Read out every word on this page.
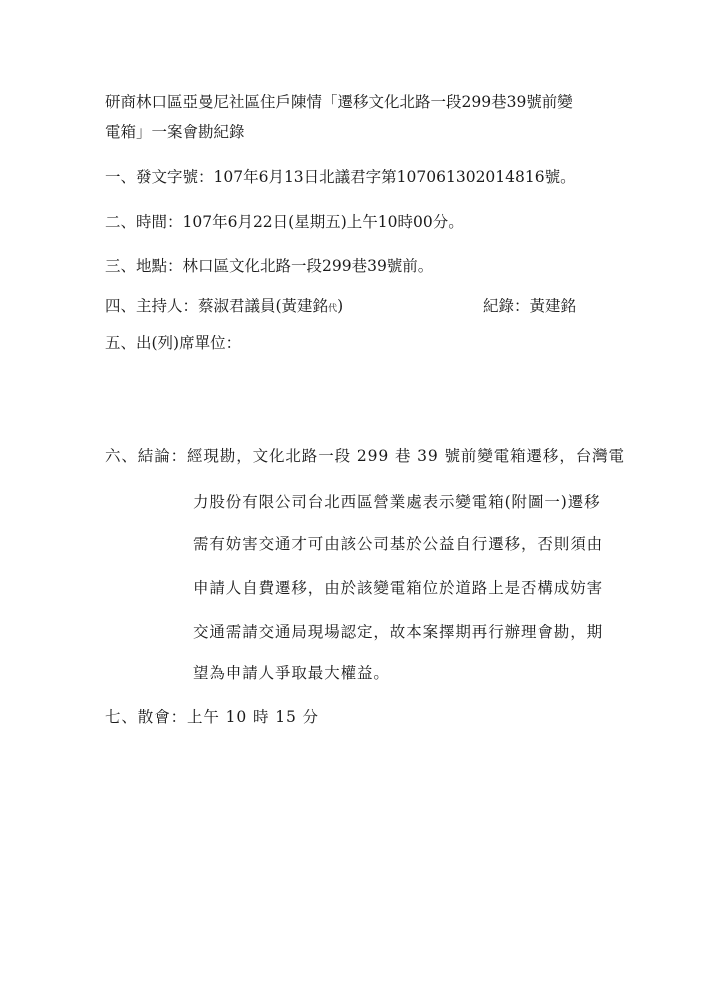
研商林口區亞曼尼社區住戶陳情「遷移文化北路一段299巷39號前變

電箱」一案會勘紀錄

一、發文字號：107年6月13日北議君字第107061302014816號。

二、時間：107年6月22日(星期五)上午10時00分。

三、地點：林口區文化北路一段299巷39號前。

四、主持人：蔡淑君議員(黃建銘代)	紀錄：黃建銘

五、出(列)席單位：

六、結論：經現勘，文化北路一段 299 巷 39 號前變電箱遷移，台灣電

力股份有限公司台北西區營業處表示變電箱(附圖一)遷移

需有妨害交通才可由該公司基於公益自行遷移，否則須由

申請人自費遷移，由於該變電箱位於道路上是否構成妨害

交通需請交通局現場認定，故本案擇期再行辦理會勘，期

望為申請人爭取最大權益。

七、散會：上午 10 時 15 分
